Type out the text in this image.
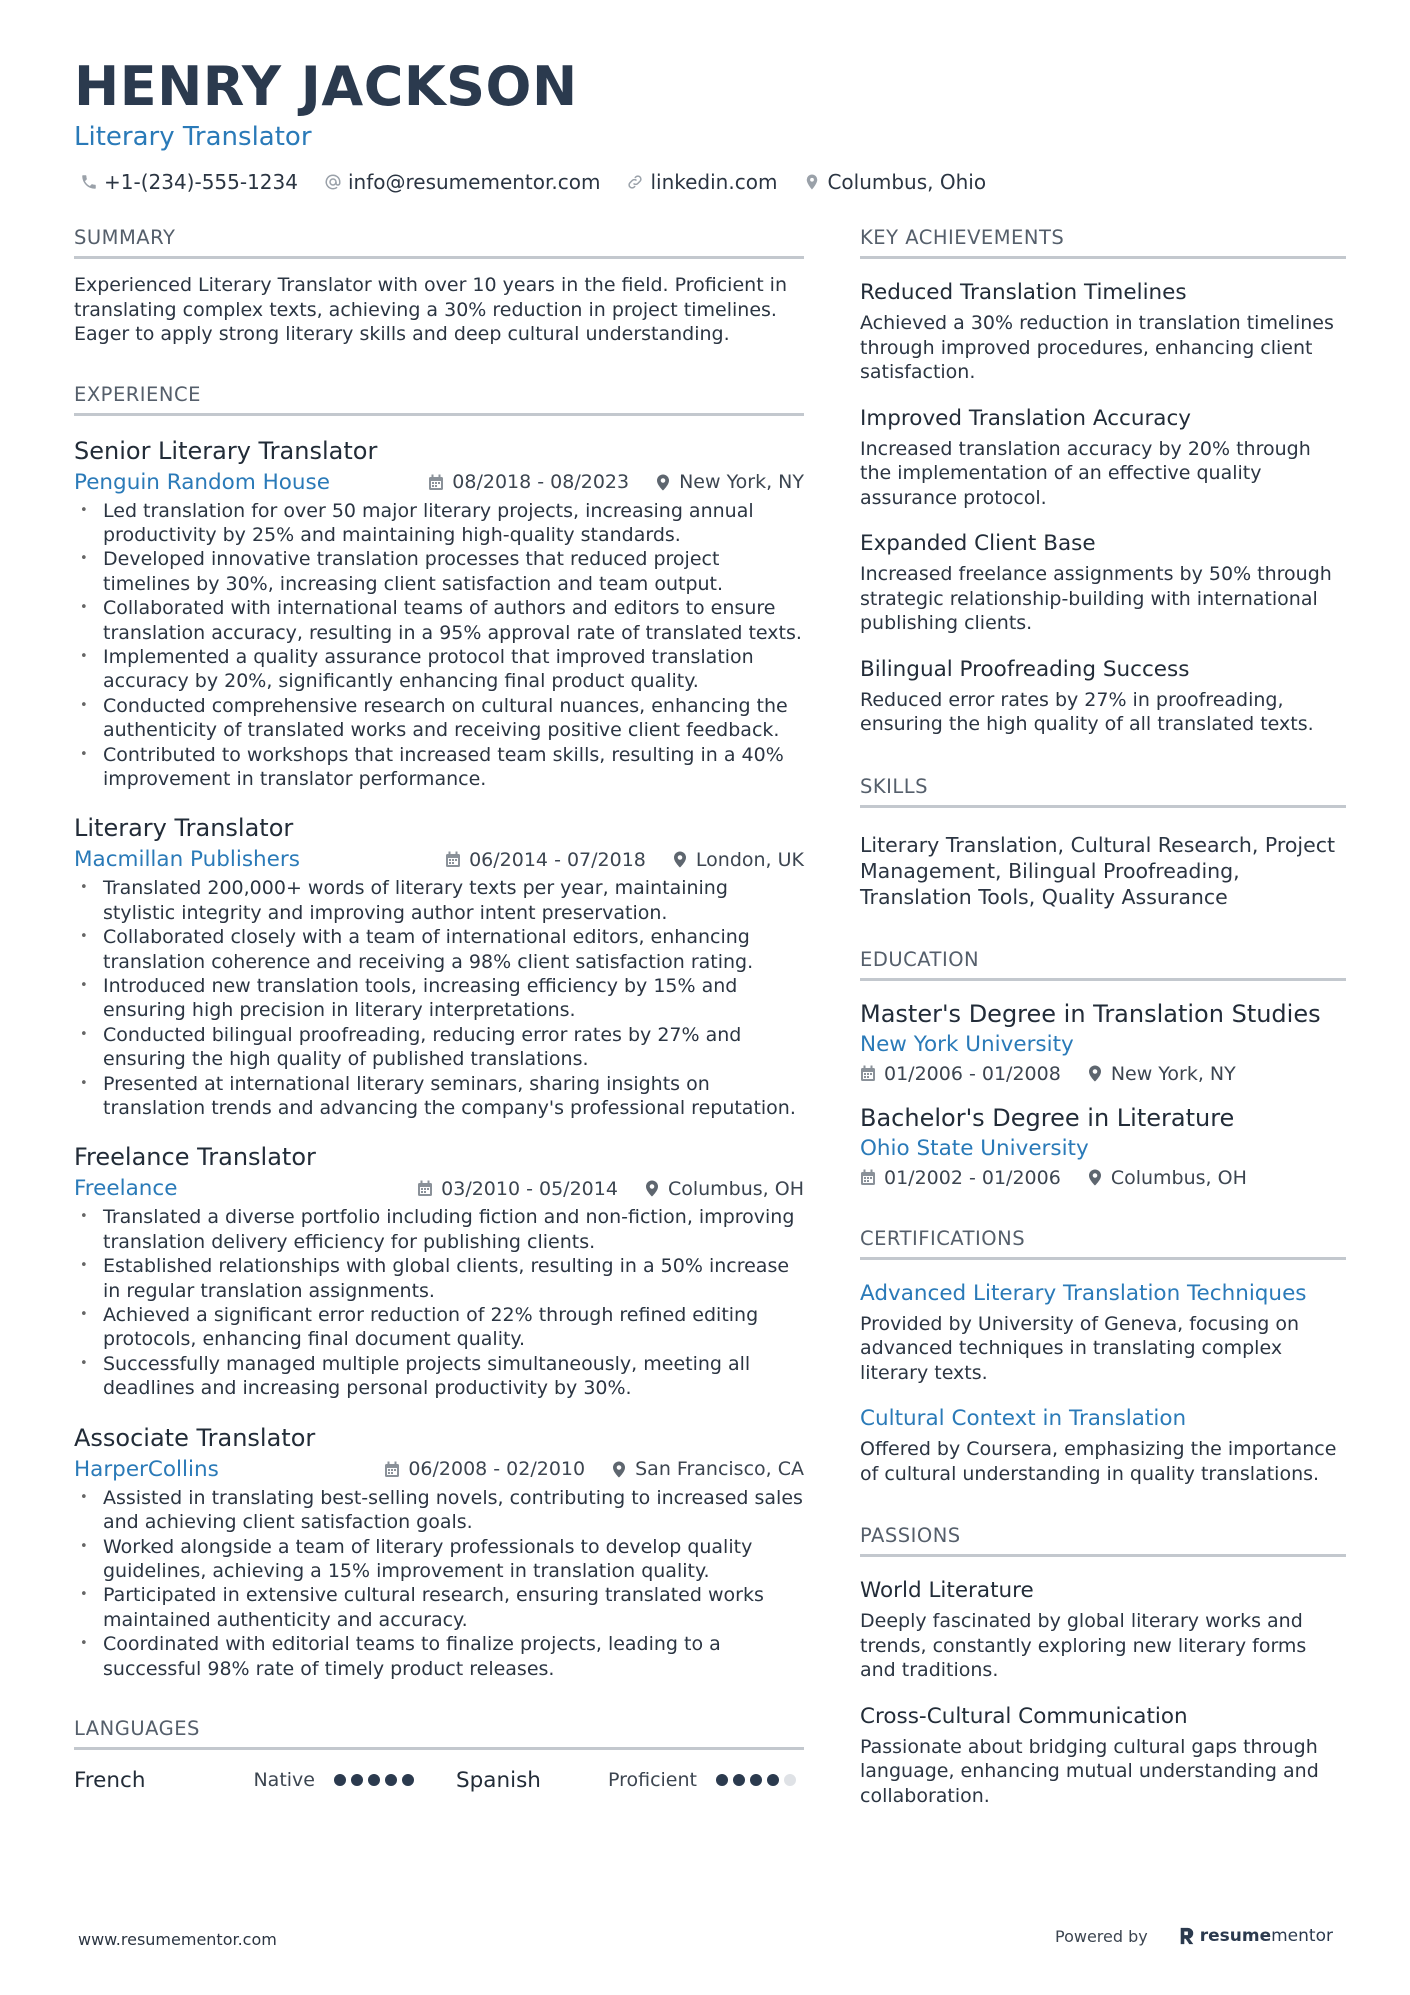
HENRY JACKSON
Literary Translator
+1-(234)-555-1234	info@resumementor.com	linkedin.com	Columbus, Ohio
SUMMARY
Experienced Literary Translator with over 10 years in the field. Proficient in translating complex texts, achieving a 30% reduction in project timelines. Eager to apply strong literary skills and deep cultural understanding.
EXPERIENCE
Senior Literary Translator
Penguin Random House	08/2018 - 08/2023	New York, NY
• Led translation for over 50 major literary projects, increasing annual productivity by 25% and maintaining high-quality standards.
• Developed innovative translation processes that reduced project timelines by 30%, increasing client satisfaction and team output.
• Collaborated with international teams of authors and editors to ensure translation accuracy, resulting in a 95% approval rate of translated texts.
• Implemented a quality assurance protocol that improved translation accuracy by 20%, significantly enhancing final product quality.
• Conducted comprehensive research on cultural nuances, enhancing the authenticity of translated works and receiving positive client feedback.
• Contributed to workshops that increased team skills, resulting in a 40% improvement in translator performance.
Literary Translator
Macmillan Publishers	06/2014 - 07/2018	London, UK
• Translated 200,000+ words of literary texts per year, maintaining stylistic integrity and improving author intent preservation.
• Collaborated closely with a team of international editors, enhancing translation coherence and receiving a 98% client satisfaction rating.
• Introduced new translation tools, increasing efficiency by 15% and ensuring high precision in literary interpretations.
• Conducted bilingual proofreading, reducing error rates by 27% and ensuring the high quality of published translations.
• Presented at international literary seminars, sharing insights on translation trends and advancing the company's professional reputation.
Freelance Translator
Freelance	03/2010 - 05/2014	Columbus, OH
• Translated a diverse portfolio including fiction and non-fiction, improving translation delivery efficiency for publishing clients.
• Established relationships with global clients, resulting in a 50% increase in regular translation assignments.
• Achieved a significant error reduction of 22% through refined editing protocols, enhancing final document quality.
• Successfully managed multiple projects simultaneously, meeting all deadlines and increasing personal productivity by 30%.
Associate Translator
HarperCollins	06/2008 - 02/2010	San Francisco, CA
• Assisted in translating best-selling novels, contributing to increased sales and achieving client satisfaction goals.
• Worked alongside a team of literary professionals to develop quality guidelines, achieving a 15% improvement in translation quality.
• Participated in extensive cultural research, ensuring translated works maintained authenticity and accuracy.
• Coordinated with editorial teams to finalize projects, leading to a successful 98% rate of timely product releases.
LANGUAGES
French	Native	Spanish	Proficient
KEY ACHIEVEMENTS
Reduced Translation Timelines
Achieved a 30% reduction in translation timelines through improved procedures, enhancing client satisfaction.
Improved Translation Accuracy
Increased translation accuracy by 20% through the implementation of an effective quality assurance protocol.
Expanded Client Base
Increased freelance assignments by 50% through strategic relationship-building with international publishing clients.
Bilingual Proofreading Success
Reduced error rates by 27% in proofreading, ensuring the high quality of all translated texts.
SKILLS
Literary Translation, Cultural Research, Project Management, Bilingual Proofreading, Translation Tools, Quality Assurance
EDUCATION
Master's Degree in Translation Studies
New York University
01/2006 - 01/2008	New York, NY
Bachelor's Degree in Literature
Ohio State University
01/2002 - 01/2006	Columbus, OH
CERTIFICATIONS
Advanced Literary Translation Techniques
Provided by University of Geneva, focusing on advanced techniques in translating complex literary texts.
Cultural Context in Translation
Offered by Coursera, emphasizing the importance of cultural understanding in quality translations.
PASSIONS
World Literature
Deeply fascinated by global literary works and trends, constantly exploring new literary forms and traditions.
Cross-Cultural Communication
Passionate about bridging cultural gaps through language, enhancing mutual understanding and collaboration.
www.resumementor.com	Powered by	resume mentor
